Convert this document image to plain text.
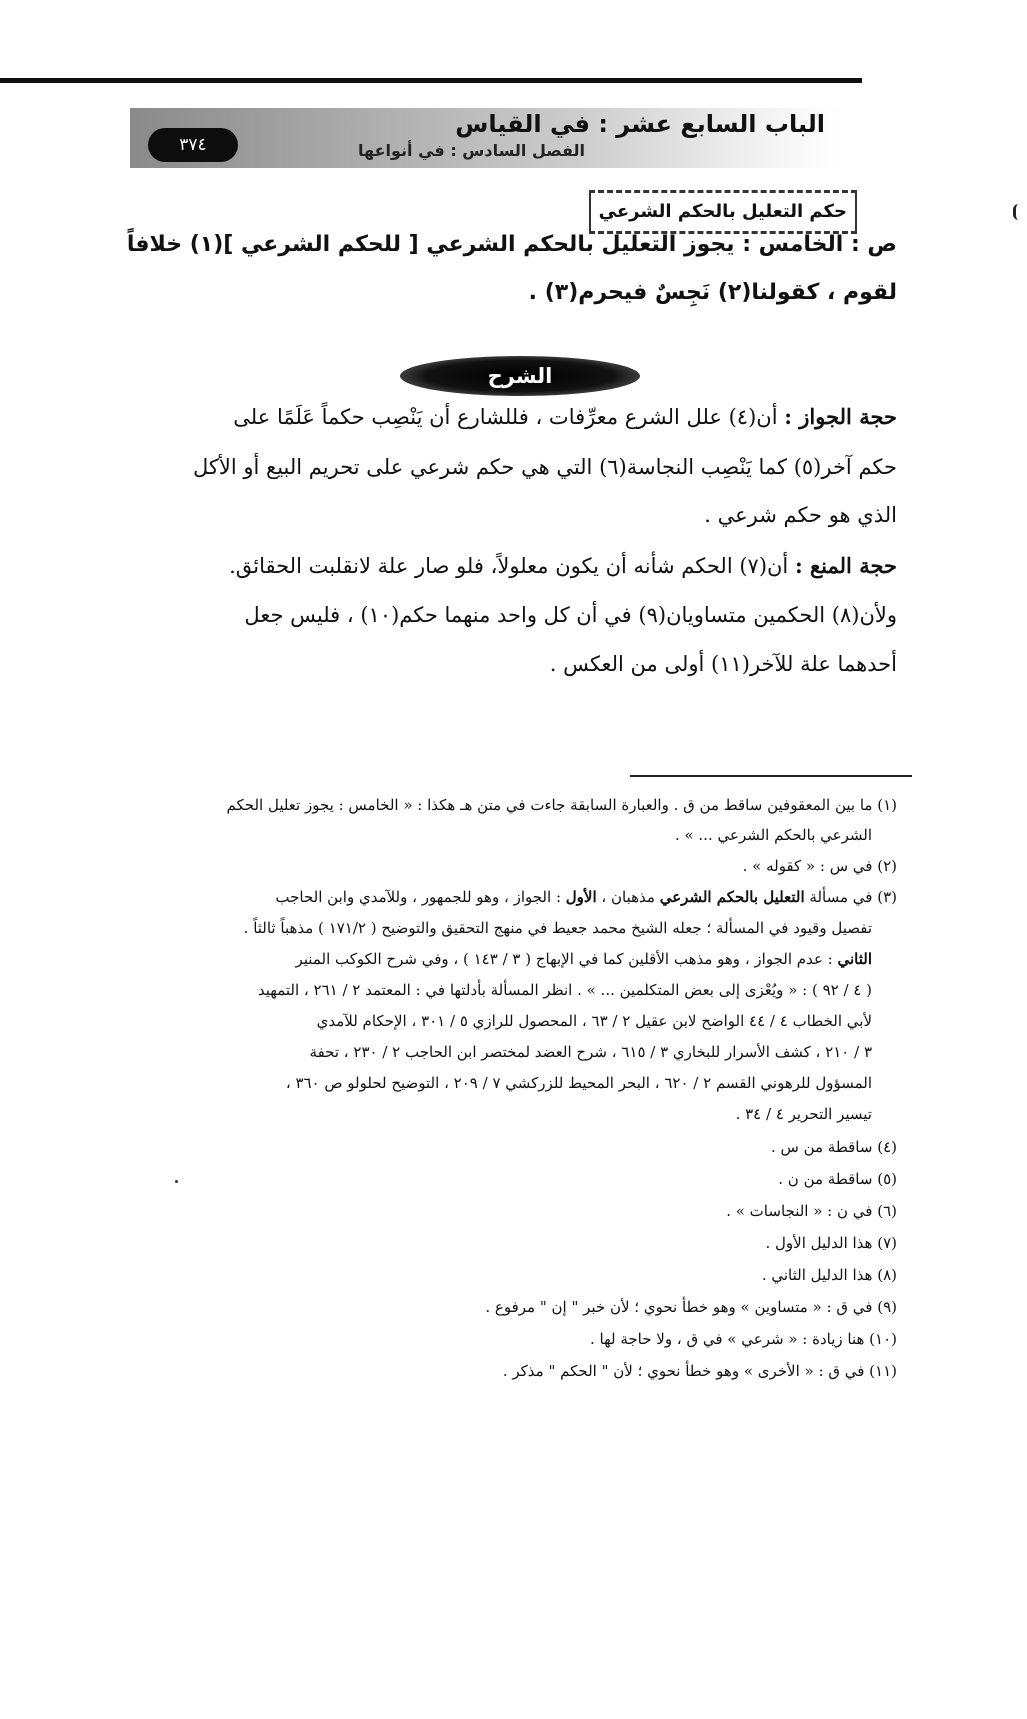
الباب السابع عشر : في القياس
الفصل السادس : في أنواعها
٣٧٤
حكم التعليل بالحكم الشرعي
ص : الخامس : يجوز التعليل بالحكم الشرعي [ للحكم الشرعي ](١) خلافاً
لقوم ، كقولنا(٢) نَجِسٌ فيحرم(٣) .
الشرح
حجة الجواز : أن(٤) علل الشرع معرِّفات ، فللشارع أن يَنْصِب حكماً عَلَمًا على
حكم آخر(٥) كما يَنْصِب النجاسة(٦) التي هي حكم شرعي على تحريم البيع أو الأكل
الذي هو حكم شرعي .
حجة المنع : أن(٧) الحكم شأنه أن يكون معلولاً، فلو صار علة لانقلبت الحقائق.
ولأن(٨) الحكمين متساويان(٩) في أن كل واحد منهما حكم(١٠) ، فليس جعل
أحدهما علة للآخر(١١) أولى من العكس .
(١) ما بين المعقوفين ساقط من ق . والعبارة السابقة جاءت في متن هـ هكذا : « الخامس : يجوز تعليل الحكم
الشرعي بالحكم الشرعي ... » .
(٢) في س : « كقوله » .
(٣) في مسألة التعليل بالحكم الشرعي مذهبان ، الأول : الجواز ، وهو للجمهور ، وللآمدي وابن الحاجب
تفصيل وقيود في المسألة ؛ جعله الشيخ محمد جعيط في منهج التحقيق والتوضيح ( ١٧١/٢ ) مذهباً ثالثاً .
الثاني : عدم الجواز ، وهو مذهب الأقلين كما في الإبهاج ( ٣ / ١٤٣ ) ، وفي شرح الكوكب المنير
( ٤ / ٩٢ ) : « ويُعْزى إلى بعض المتكلمين ... » . انظر المسألة بأدلتها في : المعتمد ٢ / ٢٦١ ، التمهيد
لأبي الخطاب ٤ / ٤٤ الواضح لابن عقيل ٢ / ٦٣ ، المحصول للرازي ٥ / ٣٠١ ، الإحكام للآمدي
٣ / ٢١٠ ، كشف الأسرار للبخاري ٣ / ٦١٥ ، شرح العضد لمختصر ابن الحاجب ٢ / ٢٣٠ ، تحفة
المسؤول للرهوني القسم ٢ / ٦٢٠ ، البحر المحيط للزركشي ٧ / ٢٠٩ ، التوضيح لحلولو ص ٣٦٠ ،
تيسير التحرير ٤ / ٣٤ .
(٤) ساقطة من س .
(٥) ساقطة من ن .
(٦) في ن : « النجاسات » .
(٧) هذا الدليل الأول .
(٨) هذا الدليل الثاني .
(٩) في ق : « متساوين » وهو خطأ نحوي ؛ لأن خبر " إن " مرفوع .
(١٠) هنا زيادة : « شرعي » في ق ، ولا حاجة لها .
(١١) في ق : « الأخرى » وهو خطأ نحوي ؛ لأن " الحكم " مذكر .
